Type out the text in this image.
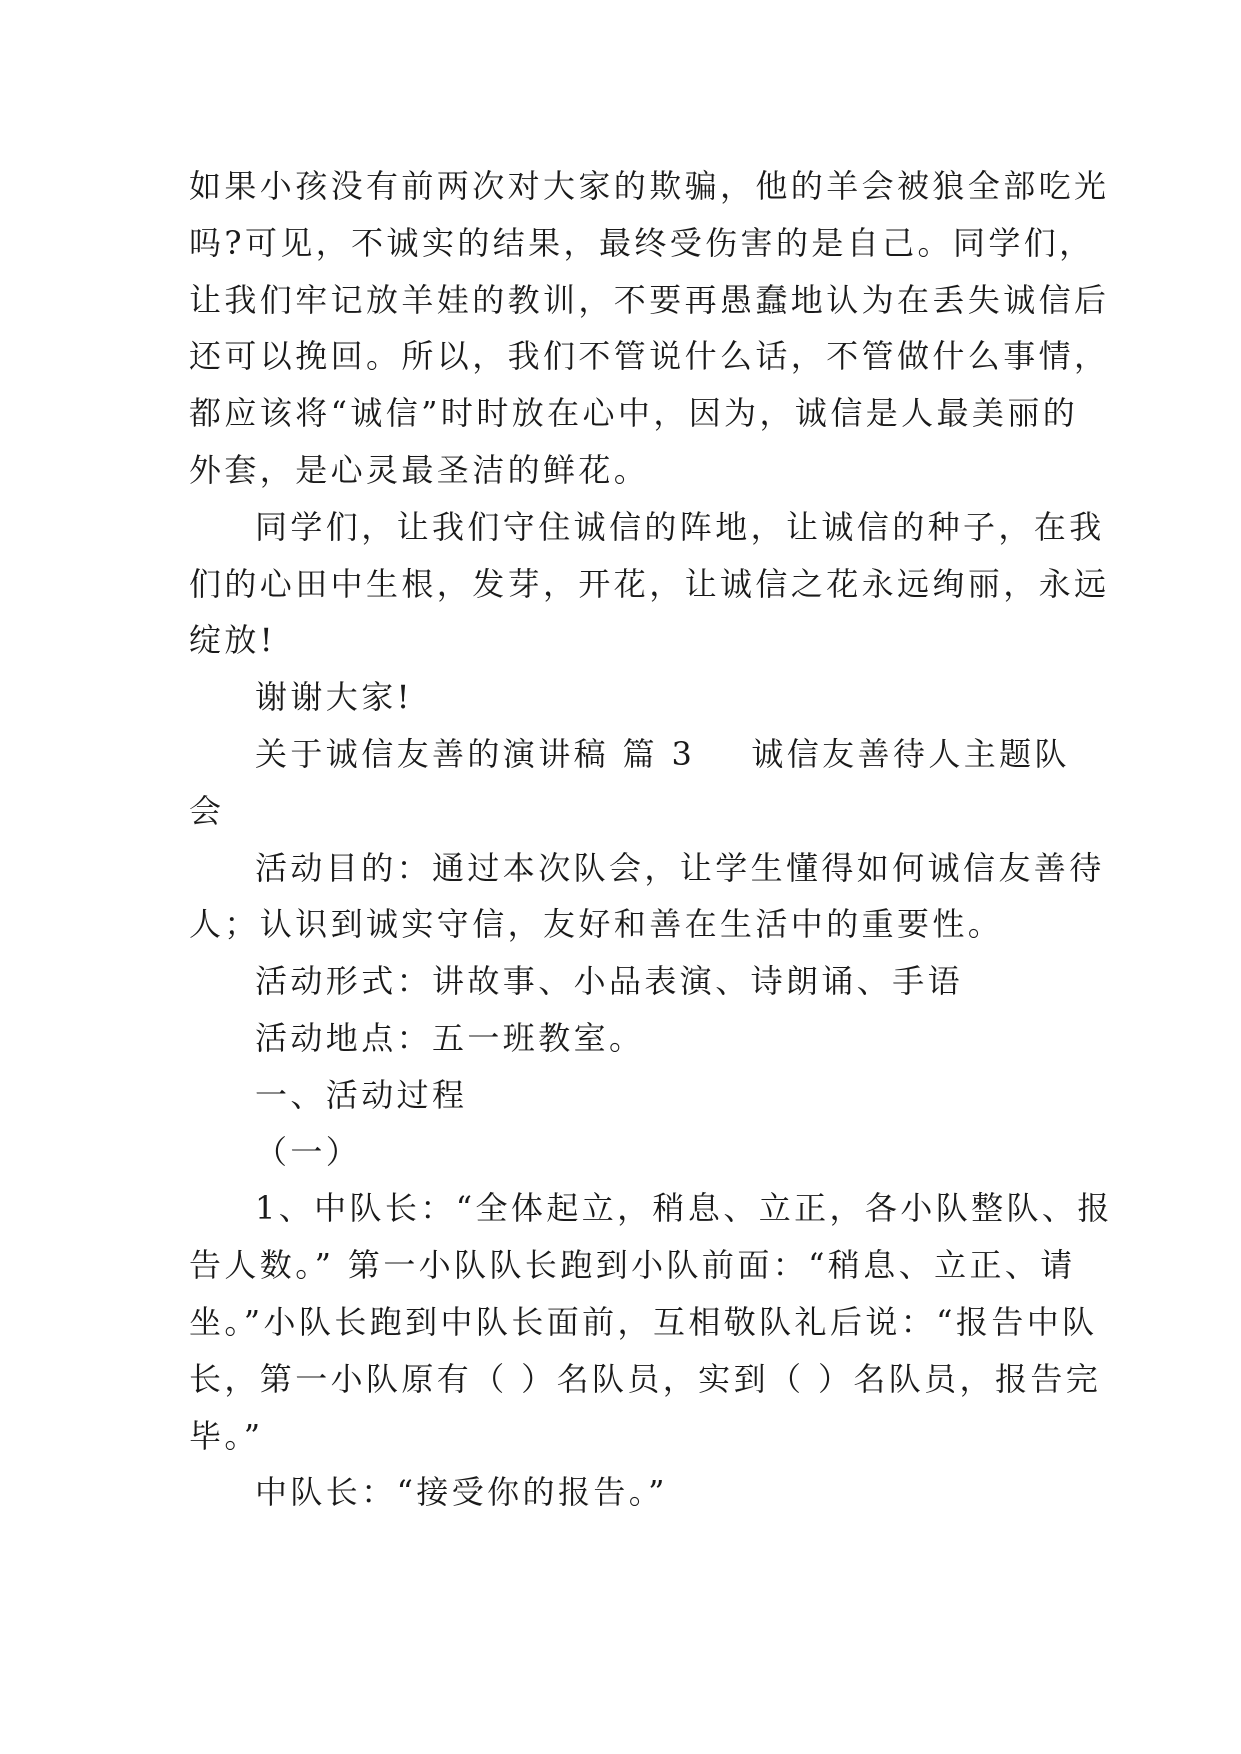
如果小孩没有前两次对大家的欺骗，他的羊会被狼全部吃光
吗?可见，不诚实的结果，最终受伤害的是自己。同学们，
让我们牢记放羊娃的教训，不要再愚蠢地认为在丢失诚信后
还可以挽回。所以，我们不管说什么话，不管做什么事情，
都应该将“诚信”时时放在心中，因为，诚信是人最美丽的
外套，是心灵最圣洁的鲜花。

同学们，让我们守住诚信的阵地，让诚信的种子，在我
们的心田中生根，发芽，开花，让诚信之花永远绚丽，永远
绽放!

谢谢大家!

关于诚信友善的演讲稿 篇 3 诚信友善待人主题队
会

活动目的：通过本次队会，让学生懂得如何诚信友善待
人；认识到诚实守信，友好和善在生活中的重要性。

活动形式：讲故事、小品表演、诗朗诵、手语

活动地点：五一班教室。

一、活动过程

（一）

1、中队长：“全体起立，稍息、立正，各小队整队、报
告人数。” 第一小队队长跑到小队前面：“稍息、立正、请
坐。”小队长跑到中队长面前，互相敬队礼后说：“报告中队
长，第一小队原有（ ）名队员，实到（ ）名队员，报告完
毕。”

中队长：“接受你的报告。”
